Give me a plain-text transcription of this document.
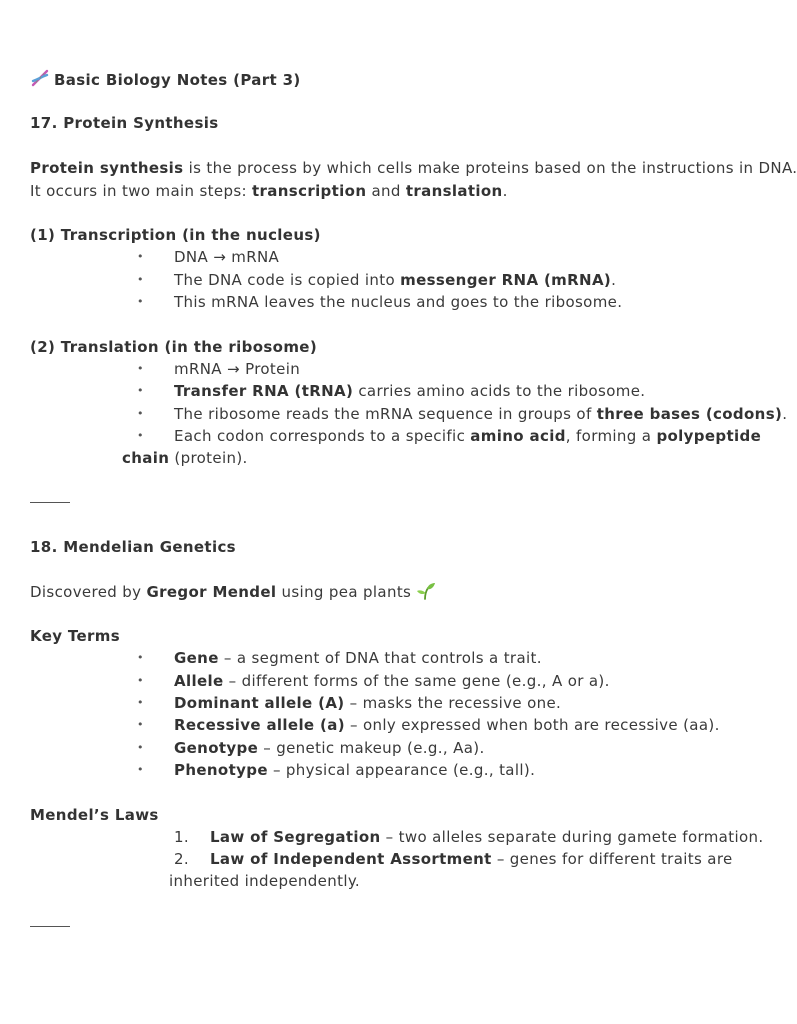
Basic Biology Notes (Part 3)
17. Protein Synthesis
Protein synthesis is the process by which cells make proteins based on the instructions in DNA.
It occurs in two main steps: transcription and translation.
(1) Transcription (in the nucleus)
• DNA → mRNA
• The DNA code is copied into messenger RNA (mRNA).
• This mRNA leaves the nucleus and goes to the ribosome.
(2) Translation (in the ribosome)
• mRNA → Protein
• Transfer RNA (tRNA) carries amino acids to the ribosome.
• The ribosome reads the mRNA sequence in groups of three bases (codons).
• Each codon corresponds to a specific amino acid, forming a polypeptide
chain (protein).
18. Mendelian Genetics
Discovered by Gregor Mendel using pea plants
Key Terms
• Gene – a segment of DNA that controls a trait.
• Allele – different forms of the same gene (e.g., A or a).
• Dominant allele (A) – masks the recessive one.
• Recessive allele (a) – only expressed when both are recessive (aa).
• Genotype – genetic makeup (e.g., Aa).
• Phenotype – physical appearance (e.g., tall).
Mendel’s Laws
1. Law of Segregation – two alleles separate during gamete formation.
2. Law of Independent Assortment – genes for different traits are
inherited independently.
